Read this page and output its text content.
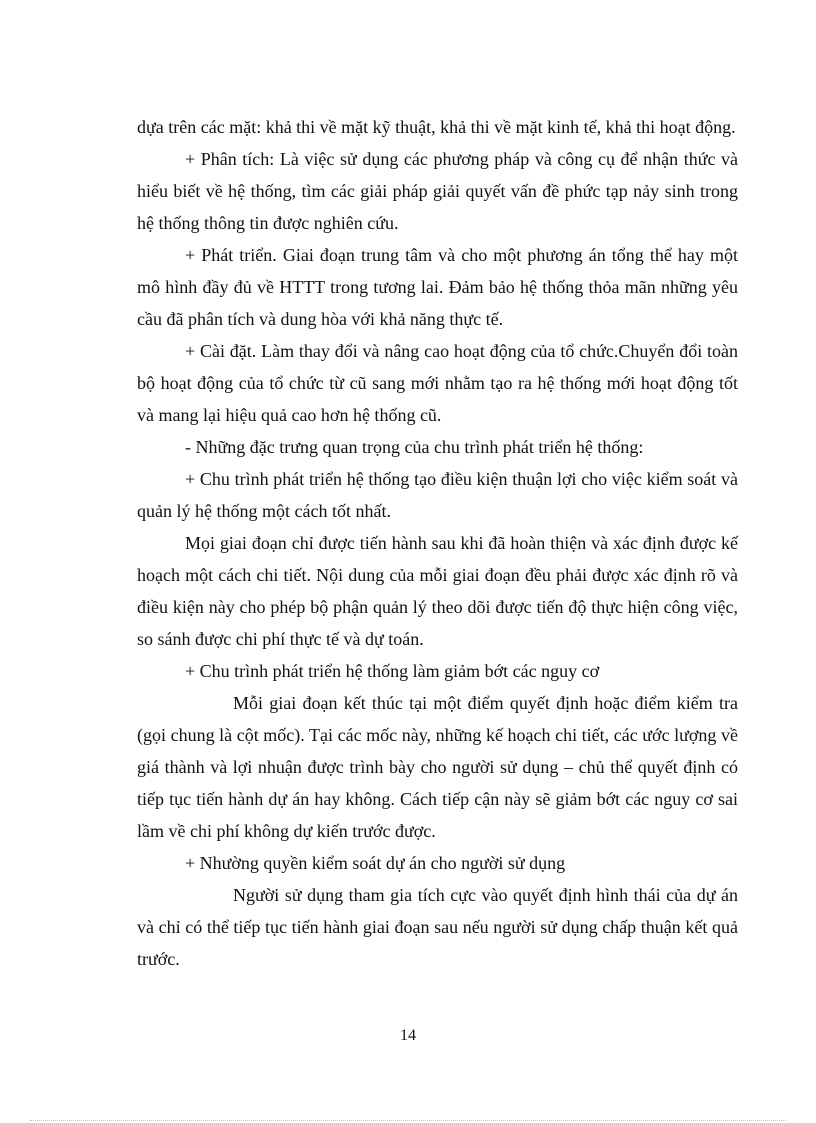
dựa trên các mặt: khả thi về mặt kỹ thuật, khả thi về mặt kinh tế, khả thi hoạt động.

+ Phân tích: Là việc sử dụng các phương pháp và công cụ để nhận thức và hiểu biết về hệ thống, tìm các giải pháp giải quyết vấn đề phức tạp nảy sinh trong hệ thống thông tin được nghiên cứu.

+ Phát triển. Giai đoạn trung tâm và cho một phương án tổng thể hay một mô hình đầy đủ về HTTT trong tương lai. Đảm bảo hệ thống thỏa mãn những yêu cầu đã phân tích và dung hòa với khả năng thực tế.

+ Cài đặt. Làm thay đổi và nâng cao hoạt động của tổ chức.Chuyển đổi toàn bộ hoạt động của tổ chức từ cũ sang mới nhằm tạo ra hệ thống mới hoạt động tốt và mang lại hiệu quả cao hơn hệ thống cũ.

- Những đặc trưng quan trọng của chu trình phát triển hệ thống:

+ Chu trình phát triển hệ thống tạo điều kiện thuận lợi cho việc kiểm soát và quản lý hệ thống một cách tốt nhất.

Mọi giai đoạn chỉ được tiến hành sau khi đã hoàn thiện và xác định được kế hoạch một cách chi tiết. Nội dung của mỗi giai đoạn đều phải được xác định rõ và điều kiện này cho phép bộ phận quản lý theo dõi được tiến độ thực hiện công việc, so sánh được chi phí thực tế và dự toán.

+ Chu trình phát triển hệ thống làm giảm bớt các nguy cơ

Mỗi giai đoạn kết thúc tại một điểm quyết định hoặc điểm kiểm tra (gọi chung là cột mốc). Tại các mốc này, những kế hoạch chi tiết, các ước lượng về giá thành và lợi nhuận được trình bày cho người sử dụng – chủ thể quyết định có tiếp tục tiến hành dự án hay không. Cách tiếp cận này sẽ giảm bớt các nguy cơ sai lầm về chi phí không dự kiến trước được.

+ Nhường quyền kiểm soát dự án cho người sử dụng

Người sử dụng tham gia tích cực vào quyết định hình thái của dự án và chỉ có thể tiếp tục tiến hành giai đoạn sau nếu người sử dụng chấp thuận kết quả trước.

14
